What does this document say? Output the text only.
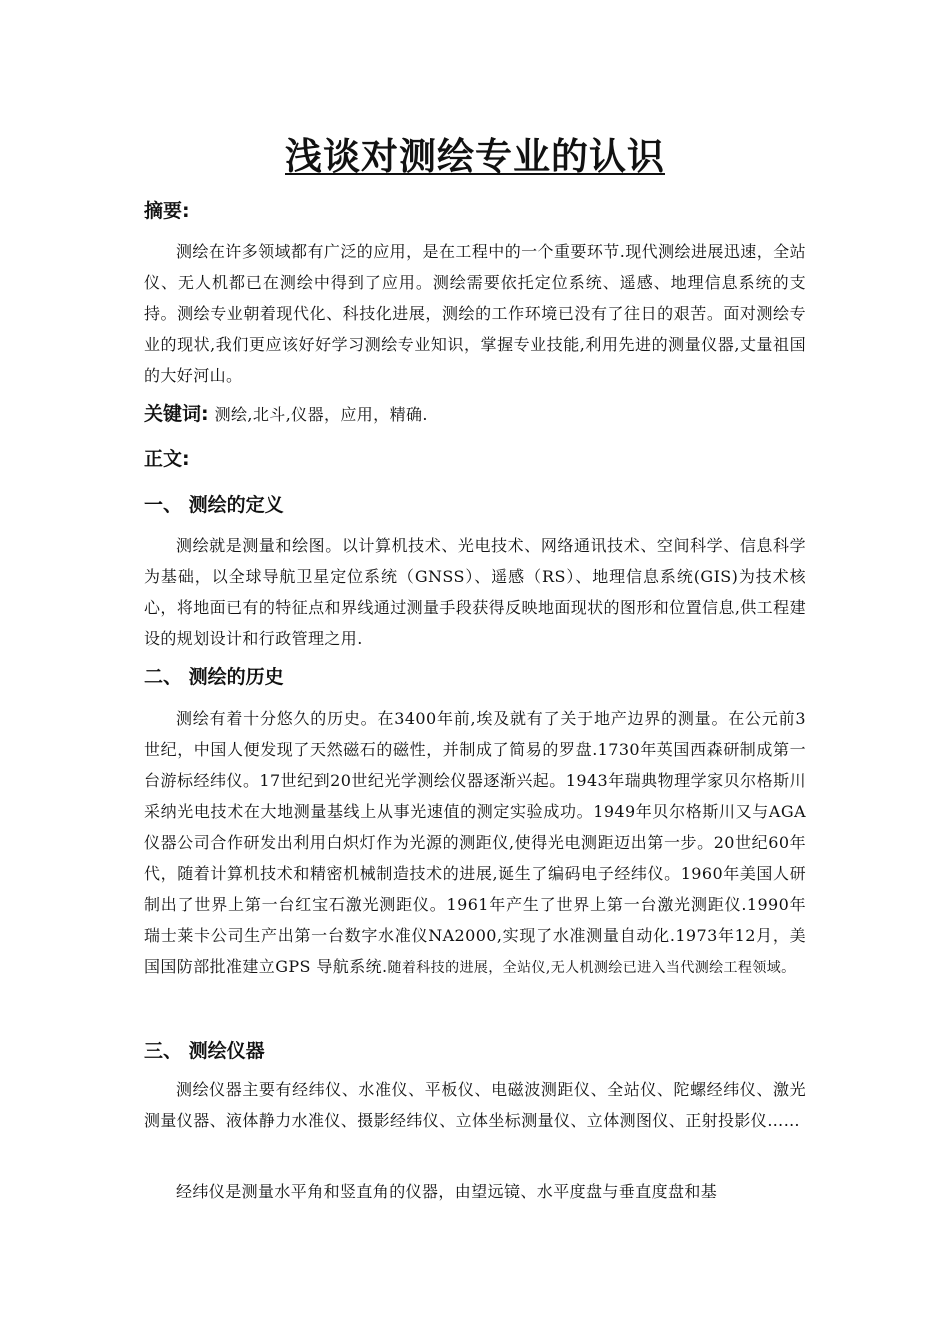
浅谈对测绘专业的认识
摘要:

测绘在许多领域都有广泛的应用，是在工程中的一个重要环节.现代测绘进展迅速，全站仪、无人机都已在测绘中得到了应用。测绘需要依托定位系统、遥感、地理信息系统的支持。测绘专业朝着现代化、科技化进展，测绘的工作环境已没有了往日的艰苦。面对测绘专业的现状,我们更应该好好学习测绘专业知识，掌握专业技能,利用先进的测量仪器,丈量祖国的大好河山。

关键词: 测绘,北斗,仪器，应用，精确.
正文:
一、 测绘的定义

测绘就是测量和绘图。以计算机技术、光电技术、网络通讯技术、空间科学、信息科学为基础，以全球导航卫星定位系统（GNSS）、遥感（RS）、地理信息系统(GIS)为技术核心，将地面已有的特征点和界线通过测量手段获得反映地面现状的图形和位置信息,供工程建设的规划设计和行政管理之用.

二、 测绘的历史

测绘有着十分悠久的历史。在3400年前,埃及就有了关于地产边界的测量。在公元前3世纪，中国人便发现了天然磁石的磁性，并制成了简易的罗盘.1730年英国西森研制成第一台游标经纬仪。17世纪到20世纪光学测绘仪器逐渐兴起。1943年瑞典物理学家贝尔格斯川采纳光电技术在大地测量基线上从事光速值的测定实验成功。1949年贝尔格斯川又与AGA仪器公司合作研发出利用白炽灯作为光源的测距仪,使得光电测距迈出第一步。20世纪60年代，随着计算机技术和精密机械制造技术的进展,诞生了编码电子经纬仪。1960年美国人研制出了世界上第一台红宝石激光测距仪。1961年产生了世界上第一台激光测距仪.1990年瑞士莱卡公司生产出第一台数字水准仪NA2000,实现了水准测量自动化.1973年12月，美国国防部批准建立GPS 导航系统.随着科技的进展，全站仪,无人机测绘已进入当代测绘工程领域。

三、 测绘仪器

测绘仪器主要有经纬仪、水准仪、平板仪、电磁波测距仪、全站仪、陀螺经纬仪、激光测量仪器、液体静力水准仪、摄影经纬仪、立体坐标测量仪、立体测图仪、正射投影仪……

经纬仪是测量水平角和竖直角的仪器，由望远镜、水平度盘与垂直度盘和基
